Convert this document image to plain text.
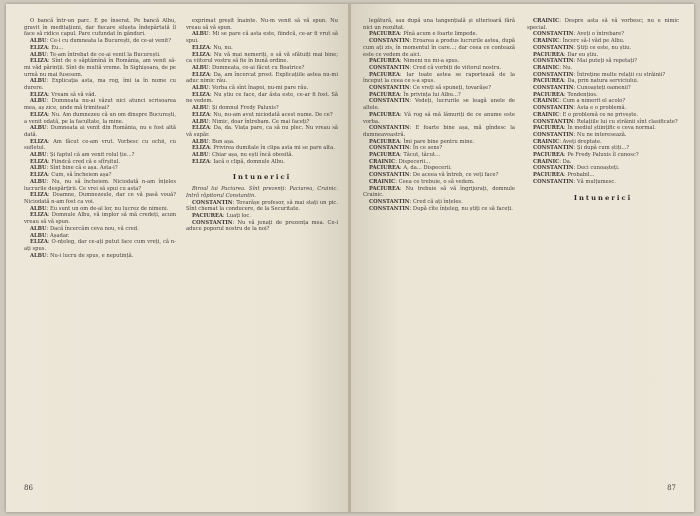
O bancă într-un parc. E pe înserat. Pe bancă Albu, gravit în meditațiuni, dar fiecare silueta îndepărtată îl face să ridice capul. Pare cufundat în gânduri.

ALBU: Ce-i cu dumneata la București, de ce-ai venit?

ELIZA: Eu...

ALBU: Te-am întrebat de ce-ai venit la București.

ELIZA: Sînt de o săptămînă în România, am venit să-mi văd părinții. Sînt de multă vreme. În Sighișoara, de pe urmă nu mai fusesem.

ALBU: Explicația asta, ma rog, îmi ia în nume cu durere.

ELIZA: Vream să vă văd.

ALBU: Dumneata nu-ai văzut nici atunci scrisoarea mea, aș zice, unde mă trimiteai?

ELIZA: Nu. Am dumnezeu că un om dinspre București, a venit odată, pe la facultate, la mine.

ALBU: Dumneata ai venit din România, nu e fost altă dată.

ELIZA: Am făcut ce-am vrut. Vorbesc cu ochii, cu sufletul.

ALBU: Și faptul că am venit rolul ție...?

ELIZA: Fiindcă cred că e sfîrșitul.

ALBU: Sînt bine că e așa. Asta-i?

ELIZA: Cum, să încheiem așa?

ALBU: Nu, nu să încheiem. Niciodată n-am înțeles lucrurile despărțirii. Ce vrei să spui cu asta?

ELIZA: Doamne, Dumnezeule, dar ce vă pasă vouă? Niciodată n-am fost ca voi.

ALBU: Eu sunt un om de-al lor, nu lucrez de nimeni.

ELIZA: Domnule Albu, vă implor să mă credeți, acum vreau să vă spun.

ALBU: Dacă încercăm ceva nou, vă cred.

ALBU: Așadar.

ELIZA: O-nțeleg, dar ce-ați putut face cum vreți, că n-ați spus.

ALBU: Nu-i lucru de spus, e neputință.

exprimat greșit înainte. Nu-m venit să vă spun. Nu vreau să vă spun.

ALBU: Mi se pare că asta este, fiindcă, ce-ar fi vrut să spui.

ELIZA: Nu, nu.

ELIZA: Nu vă mai nemeriți, o să vă sfătuiți mai bine; ca viitorul vostru să fie în bună ordine.

ALBU: Dumneata, ce-ai făcut cu Beatrice?

ELIZA: Da, am încercat prost. Explicațiile astea nu-mi aduc nimic rău.

ALBU: Vorba că sînt înapoi, nu-mi pare rău.

ELIZA: Nu știu ce face, dar ăsta este, ce-ar fi fost. Să ne vedem.

ALBU: Și domnul Fredy Paluxis?

ELIZA: Nu, nu-am avut niciodată acest nume. De ce?

ALBU: Nimic, doar întrebam. Ce mai faceți?

ELIZA: Da, da. Viața pare, ca să nu plec. Nu vreau să vă supăr.

ALBU: Bun așa.

ELIZA: Privirea dumitale în clipa asta mi se pare alta.

ALBU: Chiar așa, nu ești încă obosită.

ELIZA: Iacă o clipă, domnule Albu.

Intunericî

Biroul lui Paciurea. Sînt prezenți: Paciurea, Crainic. Intră răpitorul Constantin.

CONSTANTIN: Tovarășe profesor, să mai stați un pic. Sînt chemat la conducere, de la Securitate.

PACIUREA: Luați loc.

CONSTANTIN: Nu vă jenați de prezența mea. Ce-i aduce poporul nostru de la noi?

86

legătură, sau după una tangențială și ulterioară fără nici un rezultat.

PACIUREA: Pînă acum e foarte limpede.

CONSTANTIN: Eroarea a produs lucrurile astea, după cum ați zis, în momentul în care...; dar ceea ce contează este ce vedem de aici.

PACIUREA: Nimeni nu mi-a spus.

CONSTANTIN: Cred că vorbiți de viitorul nostru.

PACIUREA: Iar toate astea se raportează de la început la ceea ce s-a spus.

CONSTANTIN: Ce vreți să spuneți, tovarășe?

PACIUREA: În privința lui Albu...?

CONSTANTIN: Vedeți, lucrurile se leagă unele de altele.

PACIUREA: Vă rog să mă lămuriți de ce anume este vorba.

CONSTANTIN: E foarte bine așa, mă gîndesc la dumneavoastră.

PACIUREA: Îmi pare bine pentru mine.

CONSTANTIN: În ce sens?

PACIUREA: Tăcut, tăcut...

CRAINIC: Dispecerii...

PACIUREA: A, da... Dispecerii.

CONSTANTIN: De aceea vă întreb, ce veți face?

CRAINIC: Ceea ce trebuie, o să vedem.

PACIUREA: Nu trebuie să vă îngrijorați, domnule Crainic.

CONSTANTIN: Cred că ați înțeles.

CONSTANTIN: După cîte înțeleg, nu știți ce să faceți.

CRAINIC: Despre asta să vă vorbesc; nu e nimic special.

CONSTANTIN: Aveți o întrebare?

CRAINIC: Încerc să-l văd pe Albu.

CONSTANTIN: Știți ce este, nu știu.

PACIUREA: Dar eu știu.

CONSTANTIN: Mai puteți să repetați?

CRAINIC: Nu.

CONSTANTIN: Întreține multe relații cu străinii?

PACIUREA: Da, prin natura serviciului.

CONSTANTIN: Cunoașteți oamenii?

PACIUREA: Tendențios.

CRAINIC: Cum a nimerit el acolo?

CONSTANTIN: Asta e o problemă.

CRAINIC: E o problemă ce ne privește.

CONSTANTIN: Relațiile lui cu străinii sînt clasificate?

PACIUREA: În mediul științific e ceva normal.

CONSTANTIN: Nu ne interesează.

CRAINIC: Aveți dreptate.

CONSTANTIN: Și după cum știți...?

PACIUREA: Pe Fredy Paluxis îl cunosc?

CRAINIC: Da.

CONSTANTIN: Deci cunoașteți.

PACIUREA: Probabil...

CONSTANTIN: Vă mulțumesc.

Intunericî
87
